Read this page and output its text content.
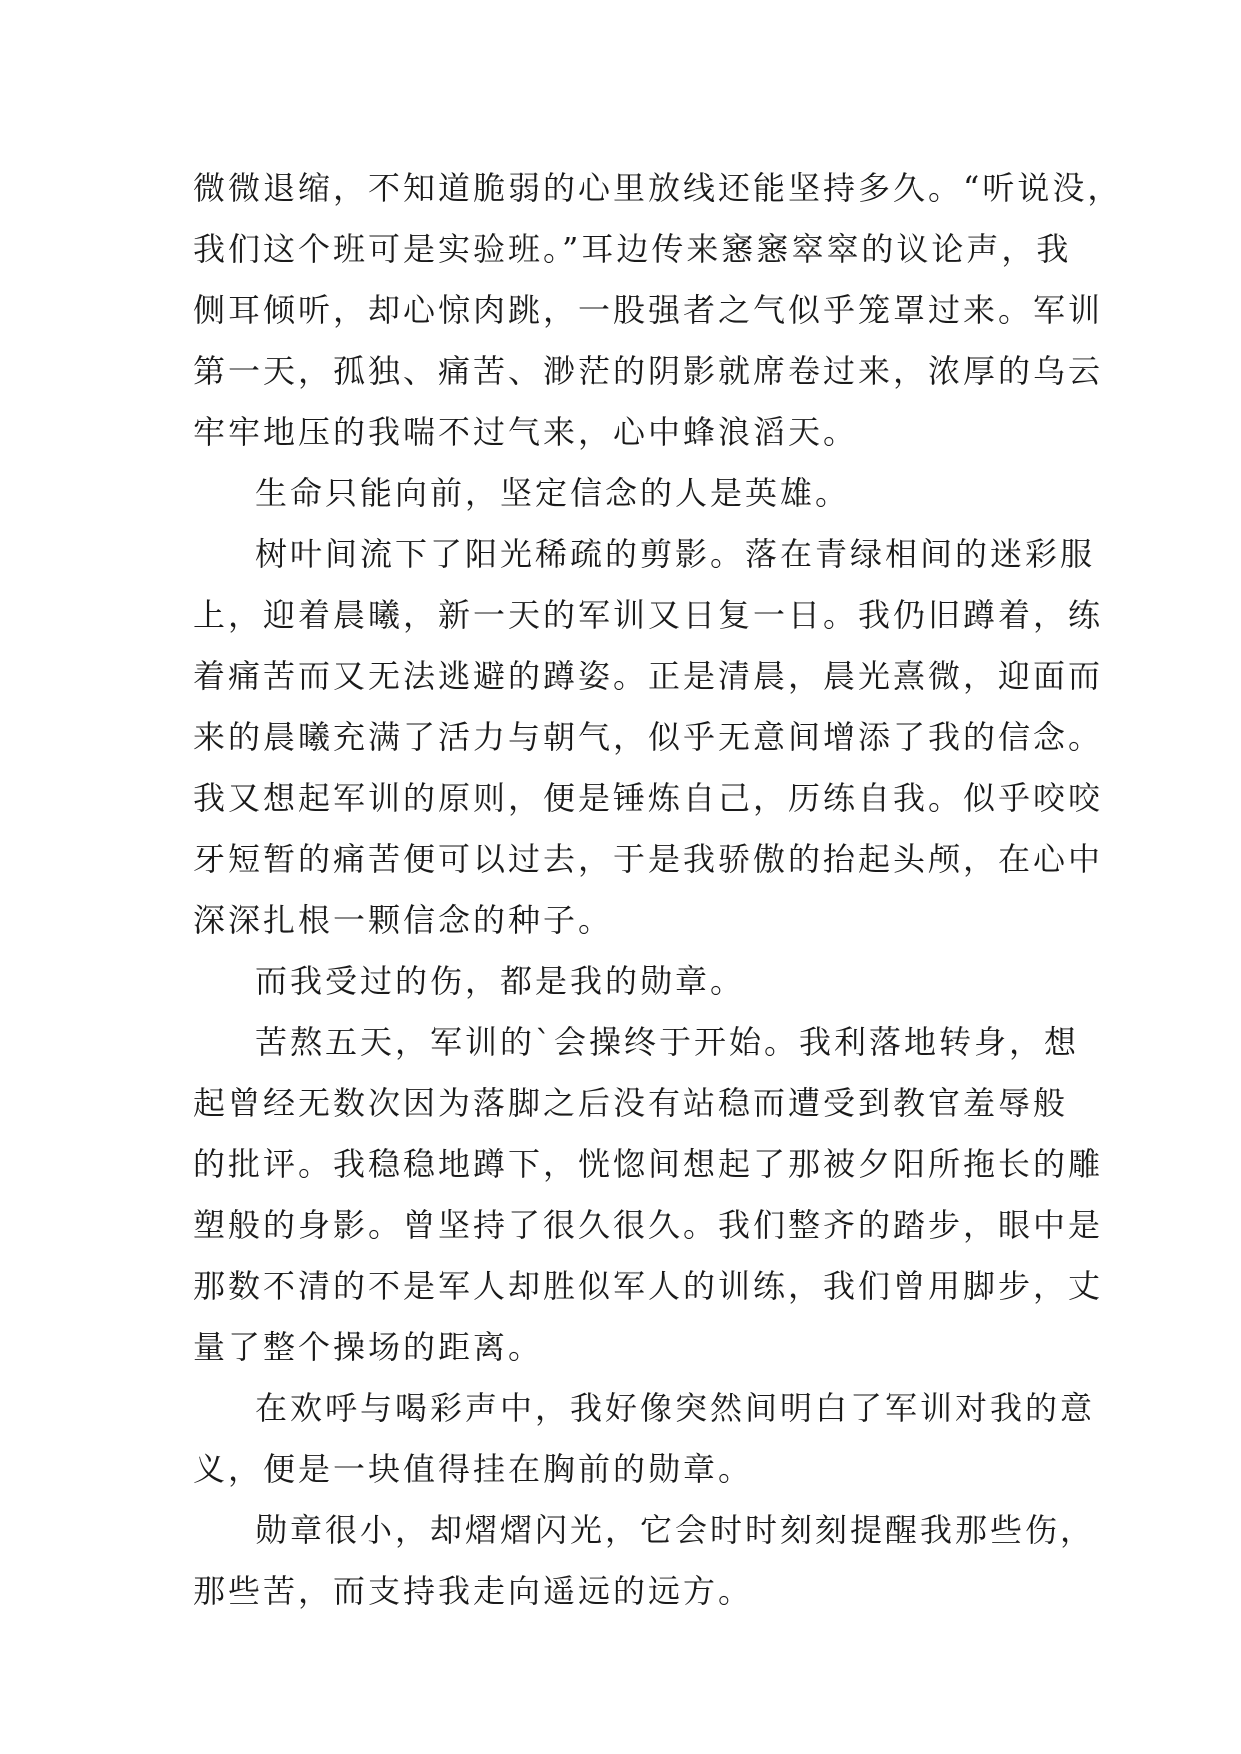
微微退缩，不知道脆弱的心里放线还能坚持多久。“听说没，
我们这个班可是实验班。”耳边传来窸窸窣窣的议论声，我
侧耳倾听，却心惊肉跳，一股强者之气似乎笼罩过来。军训
第一天，孤独、痛苦、渺茫的阴影就席卷过来，浓厚的乌云
牢牢地压的我喘不过气来，心中蜂浪滔天。
生命只能向前，坚定信念的人是英雄。
树叶间流下了阳光稀疏的剪影。落在青绿相间的迷彩服
上，迎着晨曦，新一天的军训又日复一日。我仍旧蹲着，练
着痛苦而又无法逃避的蹲姿。正是清晨，晨光熹微，迎面而
来的晨曦充满了活力与朝气，似乎无意间增添了我的信念。
我又想起军训的原则，便是锤炼自己，历练自我。似乎咬咬
牙短暂的痛苦便可以过去，于是我骄傲的抬起头颅，在心中
深深扎根一颗信念的种子。
而我受过的伤，都是我的勋章。
苦熬五天，军训的`会操终于开始。我利落地转身，想
起曾经无数次因为落脚之后没有站稳而遭受到教官羞辱般
的批评。我稳稳地蹲下，恍惚间想起了那被夕阳所拖长的雕
塑般的身影。曾坚持了很久很久。我们整齐的踏步，眼中是
那数不清的不是军人却胜似军人的训练，我们曾用脚步，丈
量了整个操场的距离。
在欢呼与喝彩声中，我好像突然间明白了军训对我的意
义，便是一块值得挂在胸前的勋章。
勋章很小，却熠熠闪光，它会时时刻刻提醒我那些伤，
那些苦，而支持我走向遥远的远方。
